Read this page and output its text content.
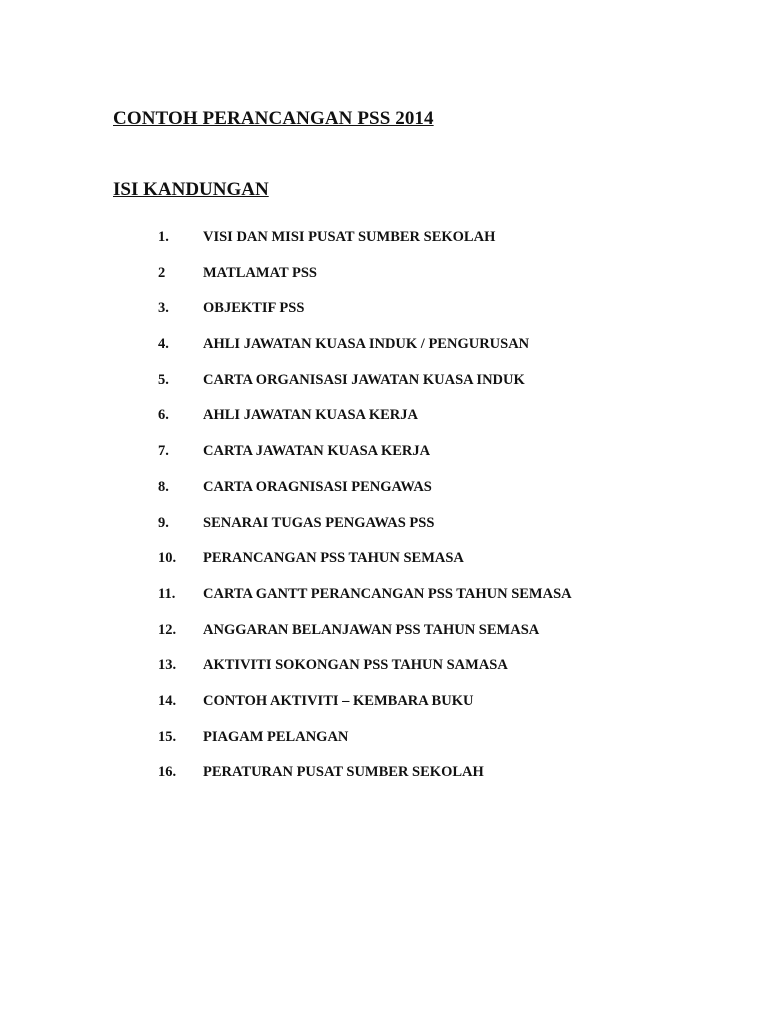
CONTOH PERANCANGAN PSS 2014
ISI KANDUNGAN
1.	VISI DAN MISI PUSAT SUMBER SEKOLAH
2	MATLAMAT PSS
3.	OBJEKTIF PSS
4.	AHLI JAWATAN KUASA INDUK / PENGURUSAN
5.	CARTA ORGANISASI JAWATAN KUASA INDUK
6.	AHLI JAWATAN KUASA KERJA
7.	CARTA JAWATAN KUASA KERJA
8.	CARTA ORAGNISASI PENGAWAS
9.	SENARAI TUGAS PENGAWAS PSS
10.	PERANCANGAN PSS TAHUN SEMASA
11.	CARTA GANTT PERANCANGAN PSS TAHUN SEMASA
12.	ANGGARAN BELANJAWAN PSS TAHUN SEMASA
13.	AKTIVITI SOKONGAN PSS TAHUN SAMASA
14.	CONTOH AKTIVITI – KEMBARA BUKU
15.	PIAGAM PELANGAN
16.	PERATURAN PUSAT SUMBER SEKOLAH
